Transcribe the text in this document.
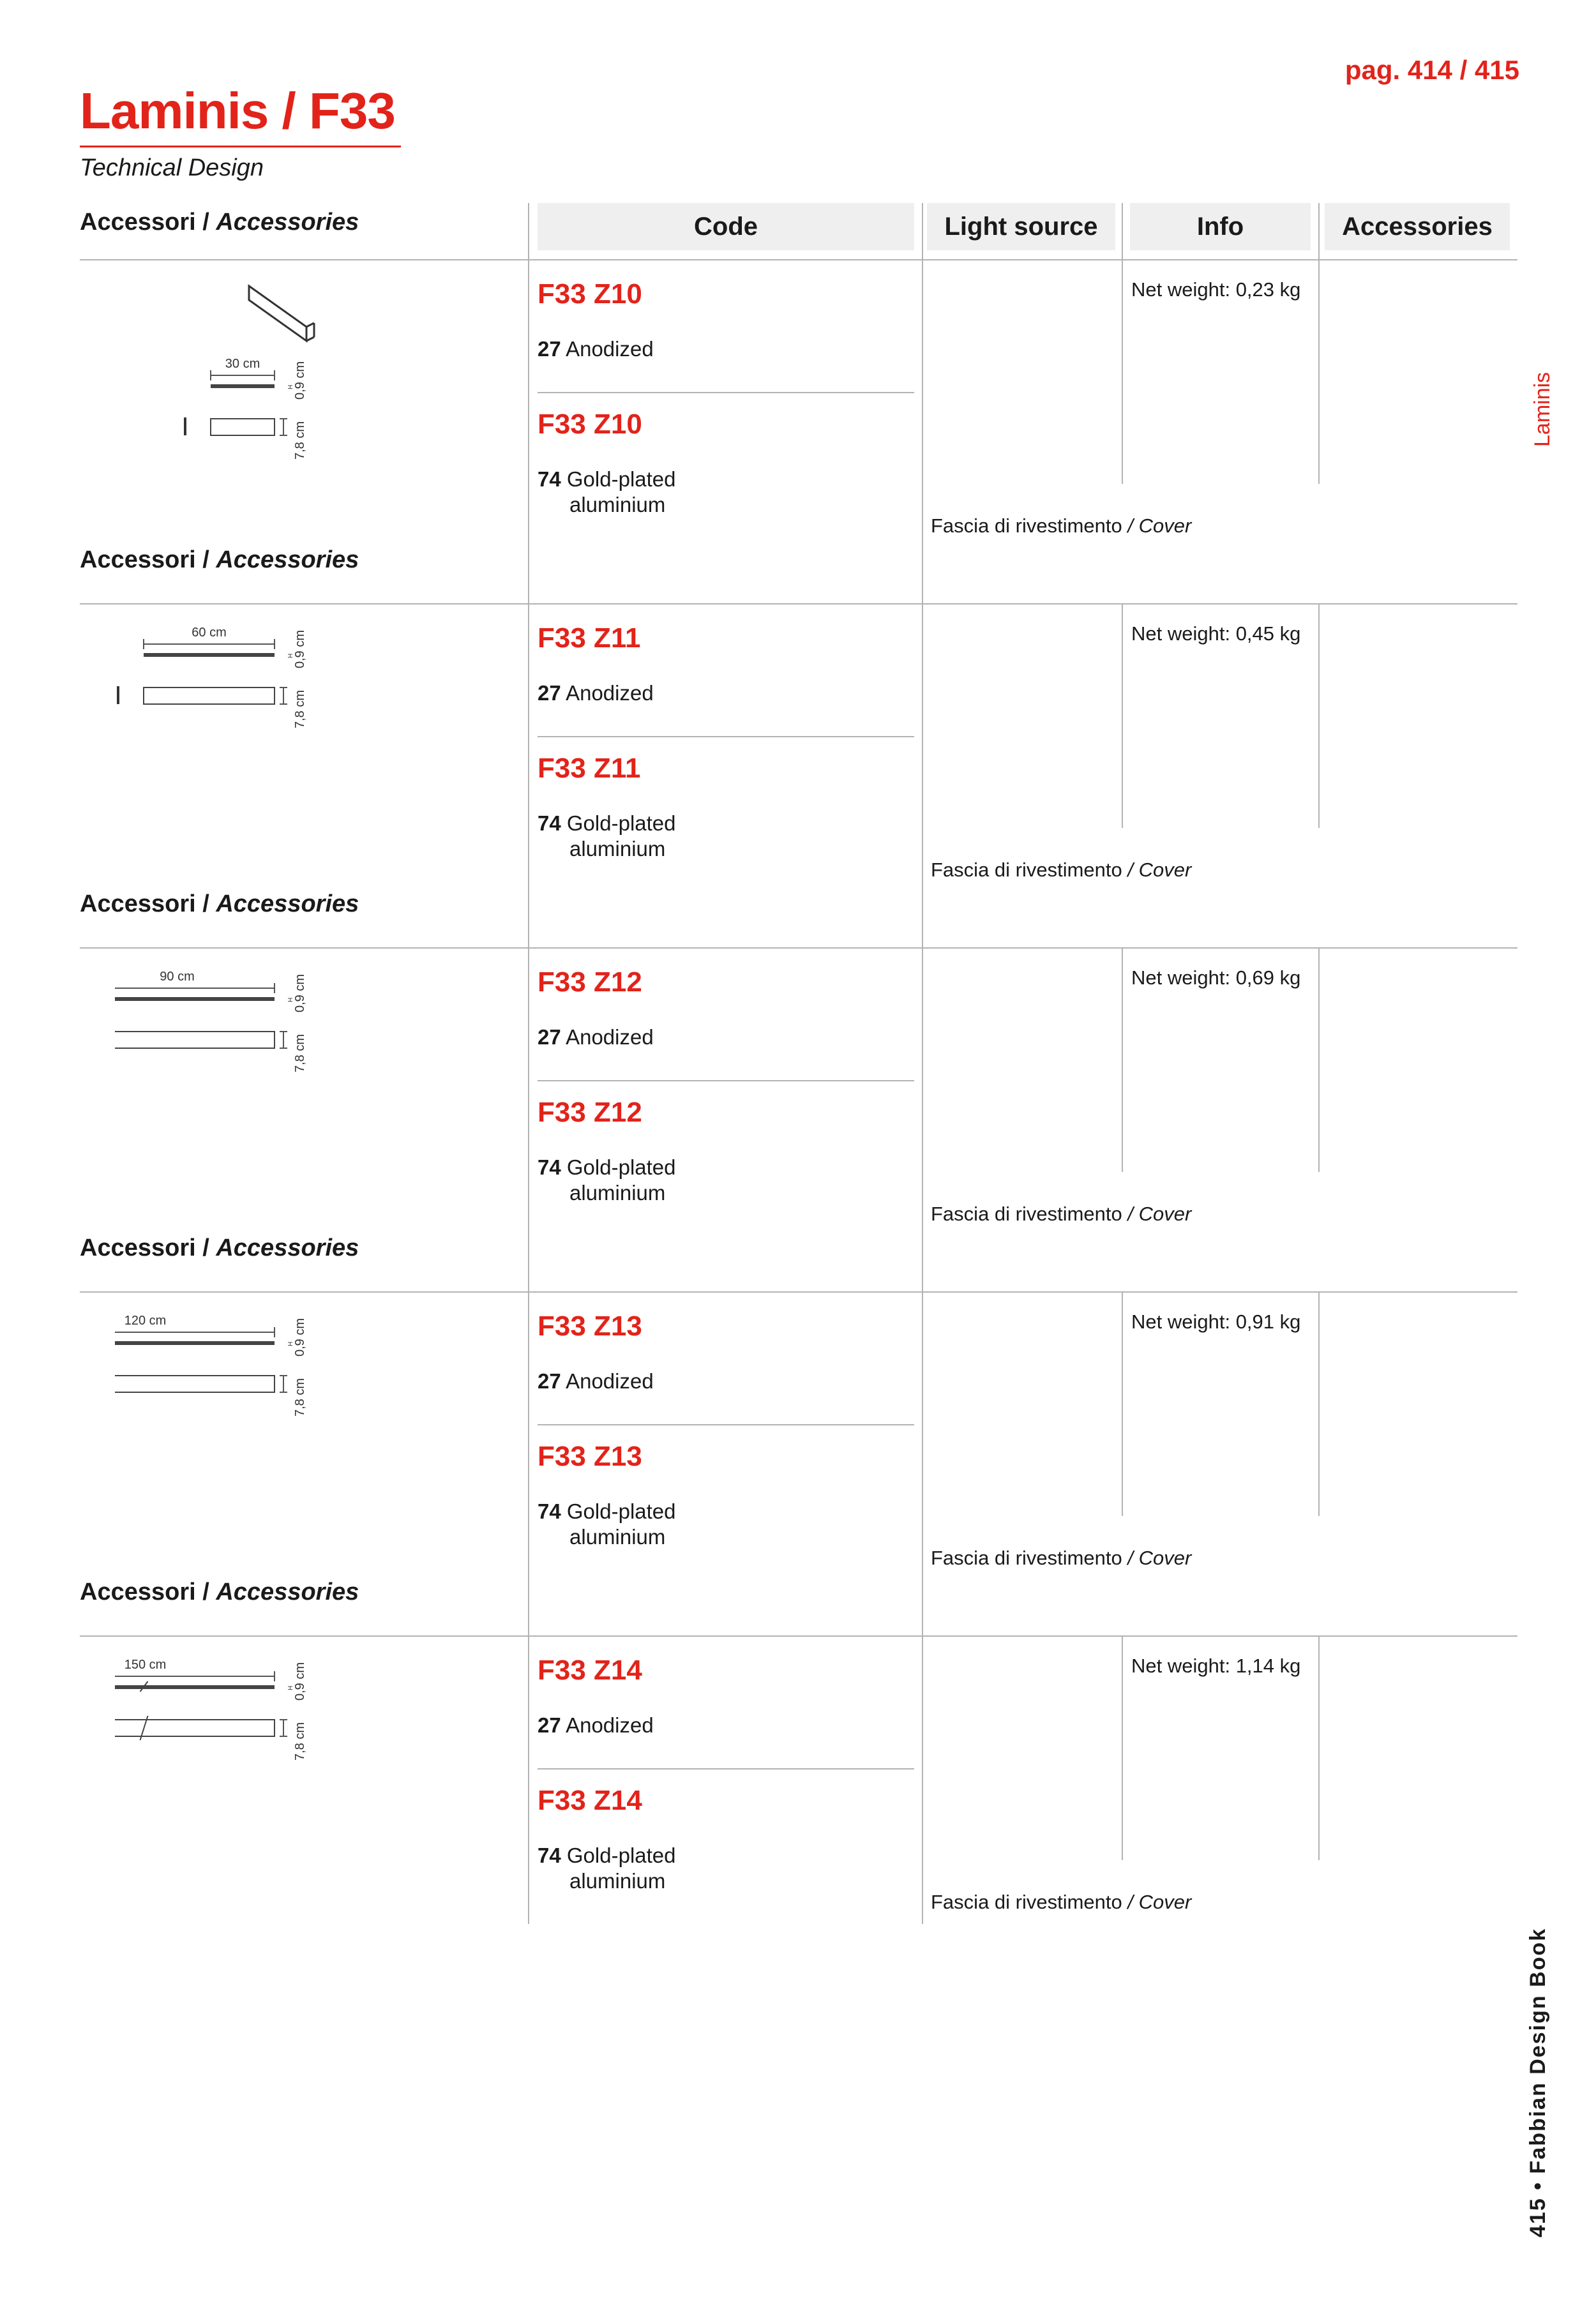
pag. 414 / 415
Laminis / F33
Technical Design
Accessori / Accessories	Code	Light source	Info	Accessories
Laminis
415 • Fabbian Design Book
30 cm	0,9 cm
H
7,8 cm
F33 Z10
27 Anodized
F33 Z10
74 Gold-plated
aluminium
Net weight: 0,23 kg
Fascia di rivestimento / Cover
Accessori / Accessories
60 cm	0,9 cm
H
7,8 cm
F33 Z11
27 Anodized
F33 Z11
74 Gold-plated
aluminium
Net weight: 0,45 kg
Fascia di rivestimento / Cover
Accessori / Accessories
90 cm	0,9 cm
H
7,8 cm
F33 Z12
27 Anodized
F33 Z12
74 Gold-plated
aluminium
Net weight: 0,69 kg
Fascia di rivestimento / Cover
Accessori / Accessories
120 cm	0,9 cm
H
7,8 cm
F33 Z13
27 Anodized
F33 Z13
74 Gold-plated
aluminium
Net weight: 0,91 kg
Fascia di rivestimento / Cover
Accessori / Accessories
150 cm	0,9 cm
H
7,8 cm
F33 Z14
27 Anodized
F33 Z14
74 Gold-plated
aluminium
Net weight: 1,14 kg
Fascia di rivestimento / Cover
